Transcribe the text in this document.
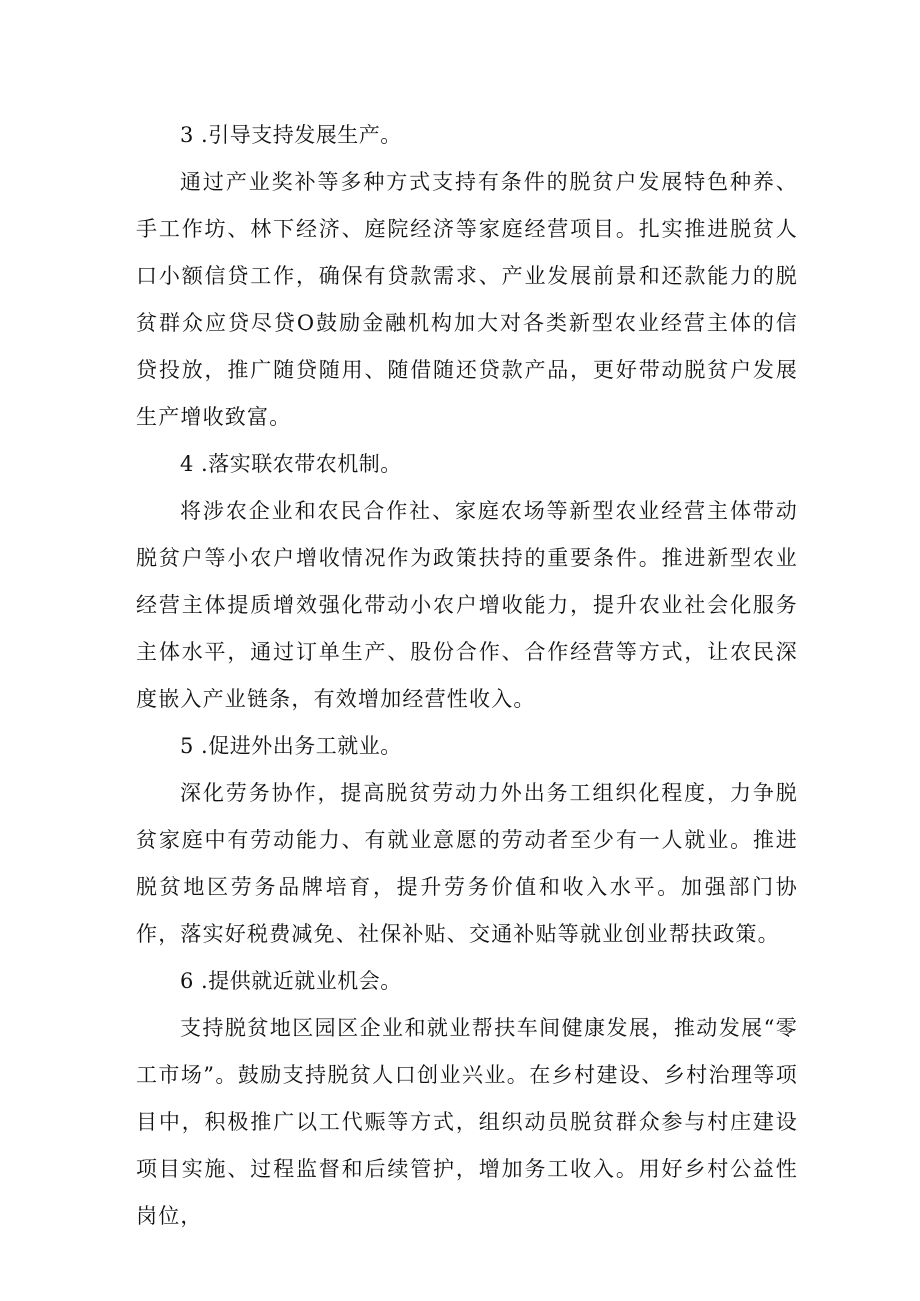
3 .引导支持发展生产。

通过产业奖补等多种方式支持有条件的脱贫户发展特色种养、手工作坊、林下经济、庭院经济等家庭经营项目。扎实推进脱贫人口小额信贷工作，确保有贷款需求、产业发展前景和还款能力的脱贫群众应贷尽贷O鼓励金融机构加大对各类新型农业经营主体的信贷投放，推广随贷随用、随借随还贷款产品，更好带动脱贫户发展生产增收致富。

4 .落实联农带农机制。

将涉农企业和农民合作社、家庭农场等新型农业经营主体带动脱贫户等小农户增收情况作为政策扶持的重要条件。推进新型农业经营主体提质增效强化带动小农户增收能力，提升农业社会化服务主体水平，通过订单生产、股份合作、合作经营等方式，让农民深度嵌入产业链条，有效增加经营性收入。

5 .促进外出务工就业。

深化劳务协作，提高脱贫劳动力外出务工组织化程度，力争脱贫家庭中有劳动能力、有就业意愿的劳动者至少有一人就业。推进脱贫地区劳务品牌培育，提升劳务价值和收入水平。加强部门协作，落实好税费减免、社保补贴、交通补贴等就业创业帮扶政策。

6 .提供就近就业机会。

支持脱贫地区园区企业和就业帮扶车间健康发展，推动发展“零工市场”。鼓励支持脱贫人口创业兴业。在乡村建设、乡村治理等项目中，积极推广以工代赈等方式，组织动员脱贫群众参与村庄建设项目实施、过程监督和后续管护，增加务工收入。用好乡村公益性岗位，
